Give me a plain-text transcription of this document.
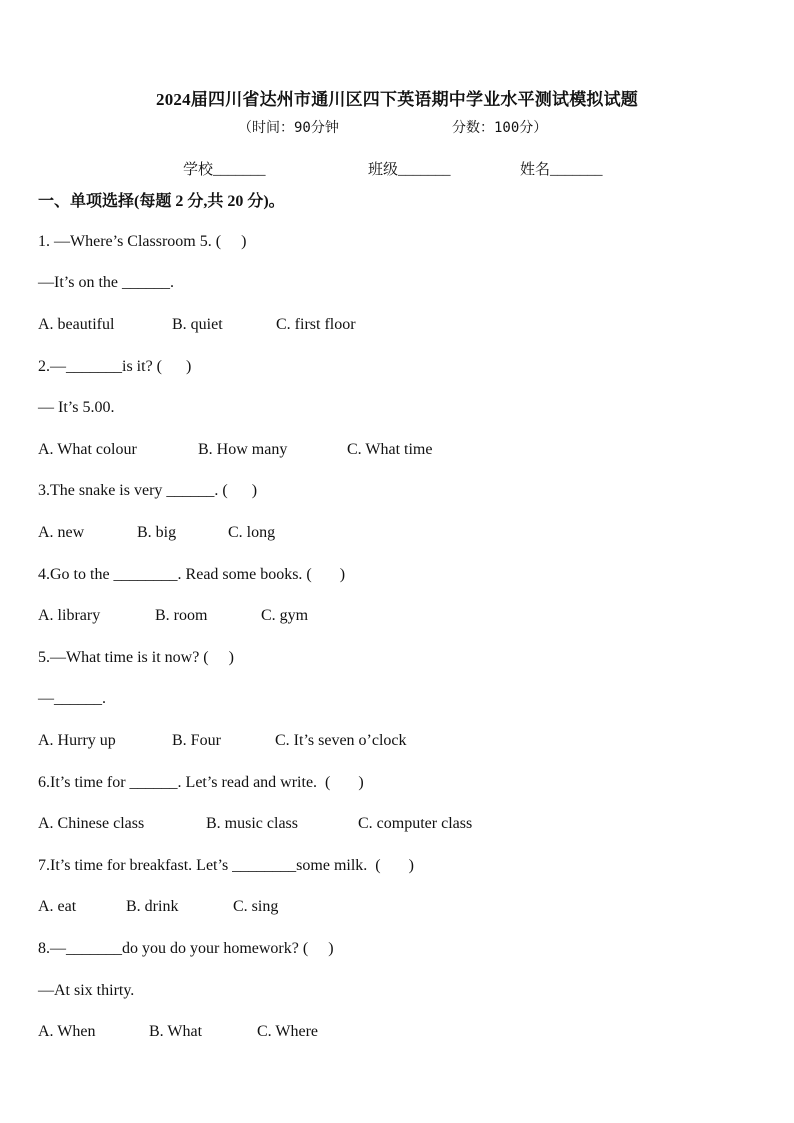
2024届四川省达州市通川区四下英语期中学业水平测试模拟试题
（时间：90分钟	分数：100分）
学校_______	班级_______	姓名_______
一、单项选择(每题 2 分,共 20 分)。
1. —Where’s Classroom 5. (     )
—It’s on the ______.
A. beautiful	B. quiet	C. first floor
2.—_______is it? (      )
— It’s 5.00.
A. What colour	B. How many	C. What time
3.The snake is very ______. (      )
A. new	B. big	C. long
4.Go to the ________. Read some books. (       )
A. library	B. room	C. gym
5.—What time is it now? (     )
—______.
A. Hurry up	B. Four	C. It’s seven o’clock
6.It’s time for ______. Let’s read and write.  (       )
A. Chinese class	B. music class	C. computer class
7.It’s time for breakfast. Let’s ________some milk.  (       )
A. eat	B. drink	C. sing
8.—_______do you do your homework? (     )
—At six thirty.
A. When	B. What	C. Where
